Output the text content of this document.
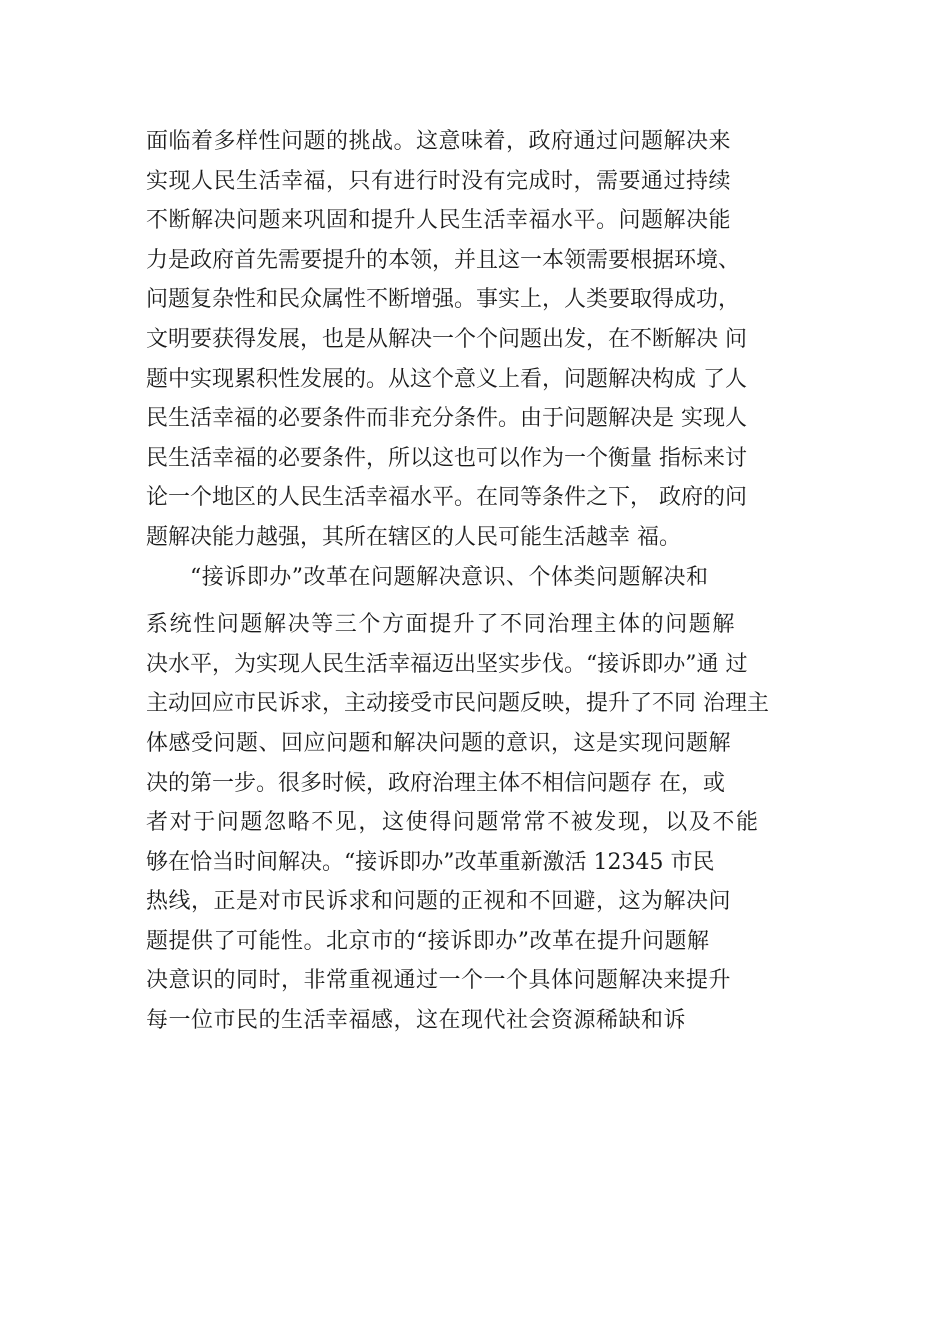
面临着多样性问题的挑战。这意味着，政府通过问题解决来
实现人民生活幸福，只有进行时没有完成时，需要通过持续
不断解决问题来巩固和提升人民生活幸福水平。问题解决能
力是政府首先需要提升的本领，并且这一本领需要根据环境、
问题复杂性和民众属性不断增强。事实上，人类要取得成功，
文明要获得发展，也是从解决一个个问题出发，在不断解决 问
题中实现累积性发展的。从这个意义上看，问题解决构成 了人
民生活幸福的必要条件而非充分条件。由于问题解决是 实现人
民生活幸福的必要条件，所以这也可以作为一个衡量 指标来讨
论一个地区的人民生活幸福水平。在同等条件之下， 政府的问
题解决能力越强，其所在辖区的人民可能生活越幸 福。
“接诉即办”改革在问题解决意识、个体类问题解决和
系统性问题解决等三个方面提升了不同治理主体的问题解
决水平，为实现人民生活幸福迈出坚实步伐。“接诉即办”通 过
主动回应市民诉求，主动接受市民问题反映，提升了不同 治理主
体感受问题、回应问题和解决问题的意识，这是实现问题解
决的第一步。很多时候，政府治理主体不相信问题存 在，或
者对于问题忽略不见，这使得问题常常不被发现，以及不能
够在恰当时间解决。“接诉即办”改革重新激活 12345 市民
热线，正是对市民诉求和问题的正视和不回避，这为解决问
题提供了可能性。北京市的“接诉即办”改革在提升问题解
决意识的同时，非常重视通过一个一个具体问题解决来提升
每一位市民的生活幸福感，这在现代社会资源稀缺和诉
